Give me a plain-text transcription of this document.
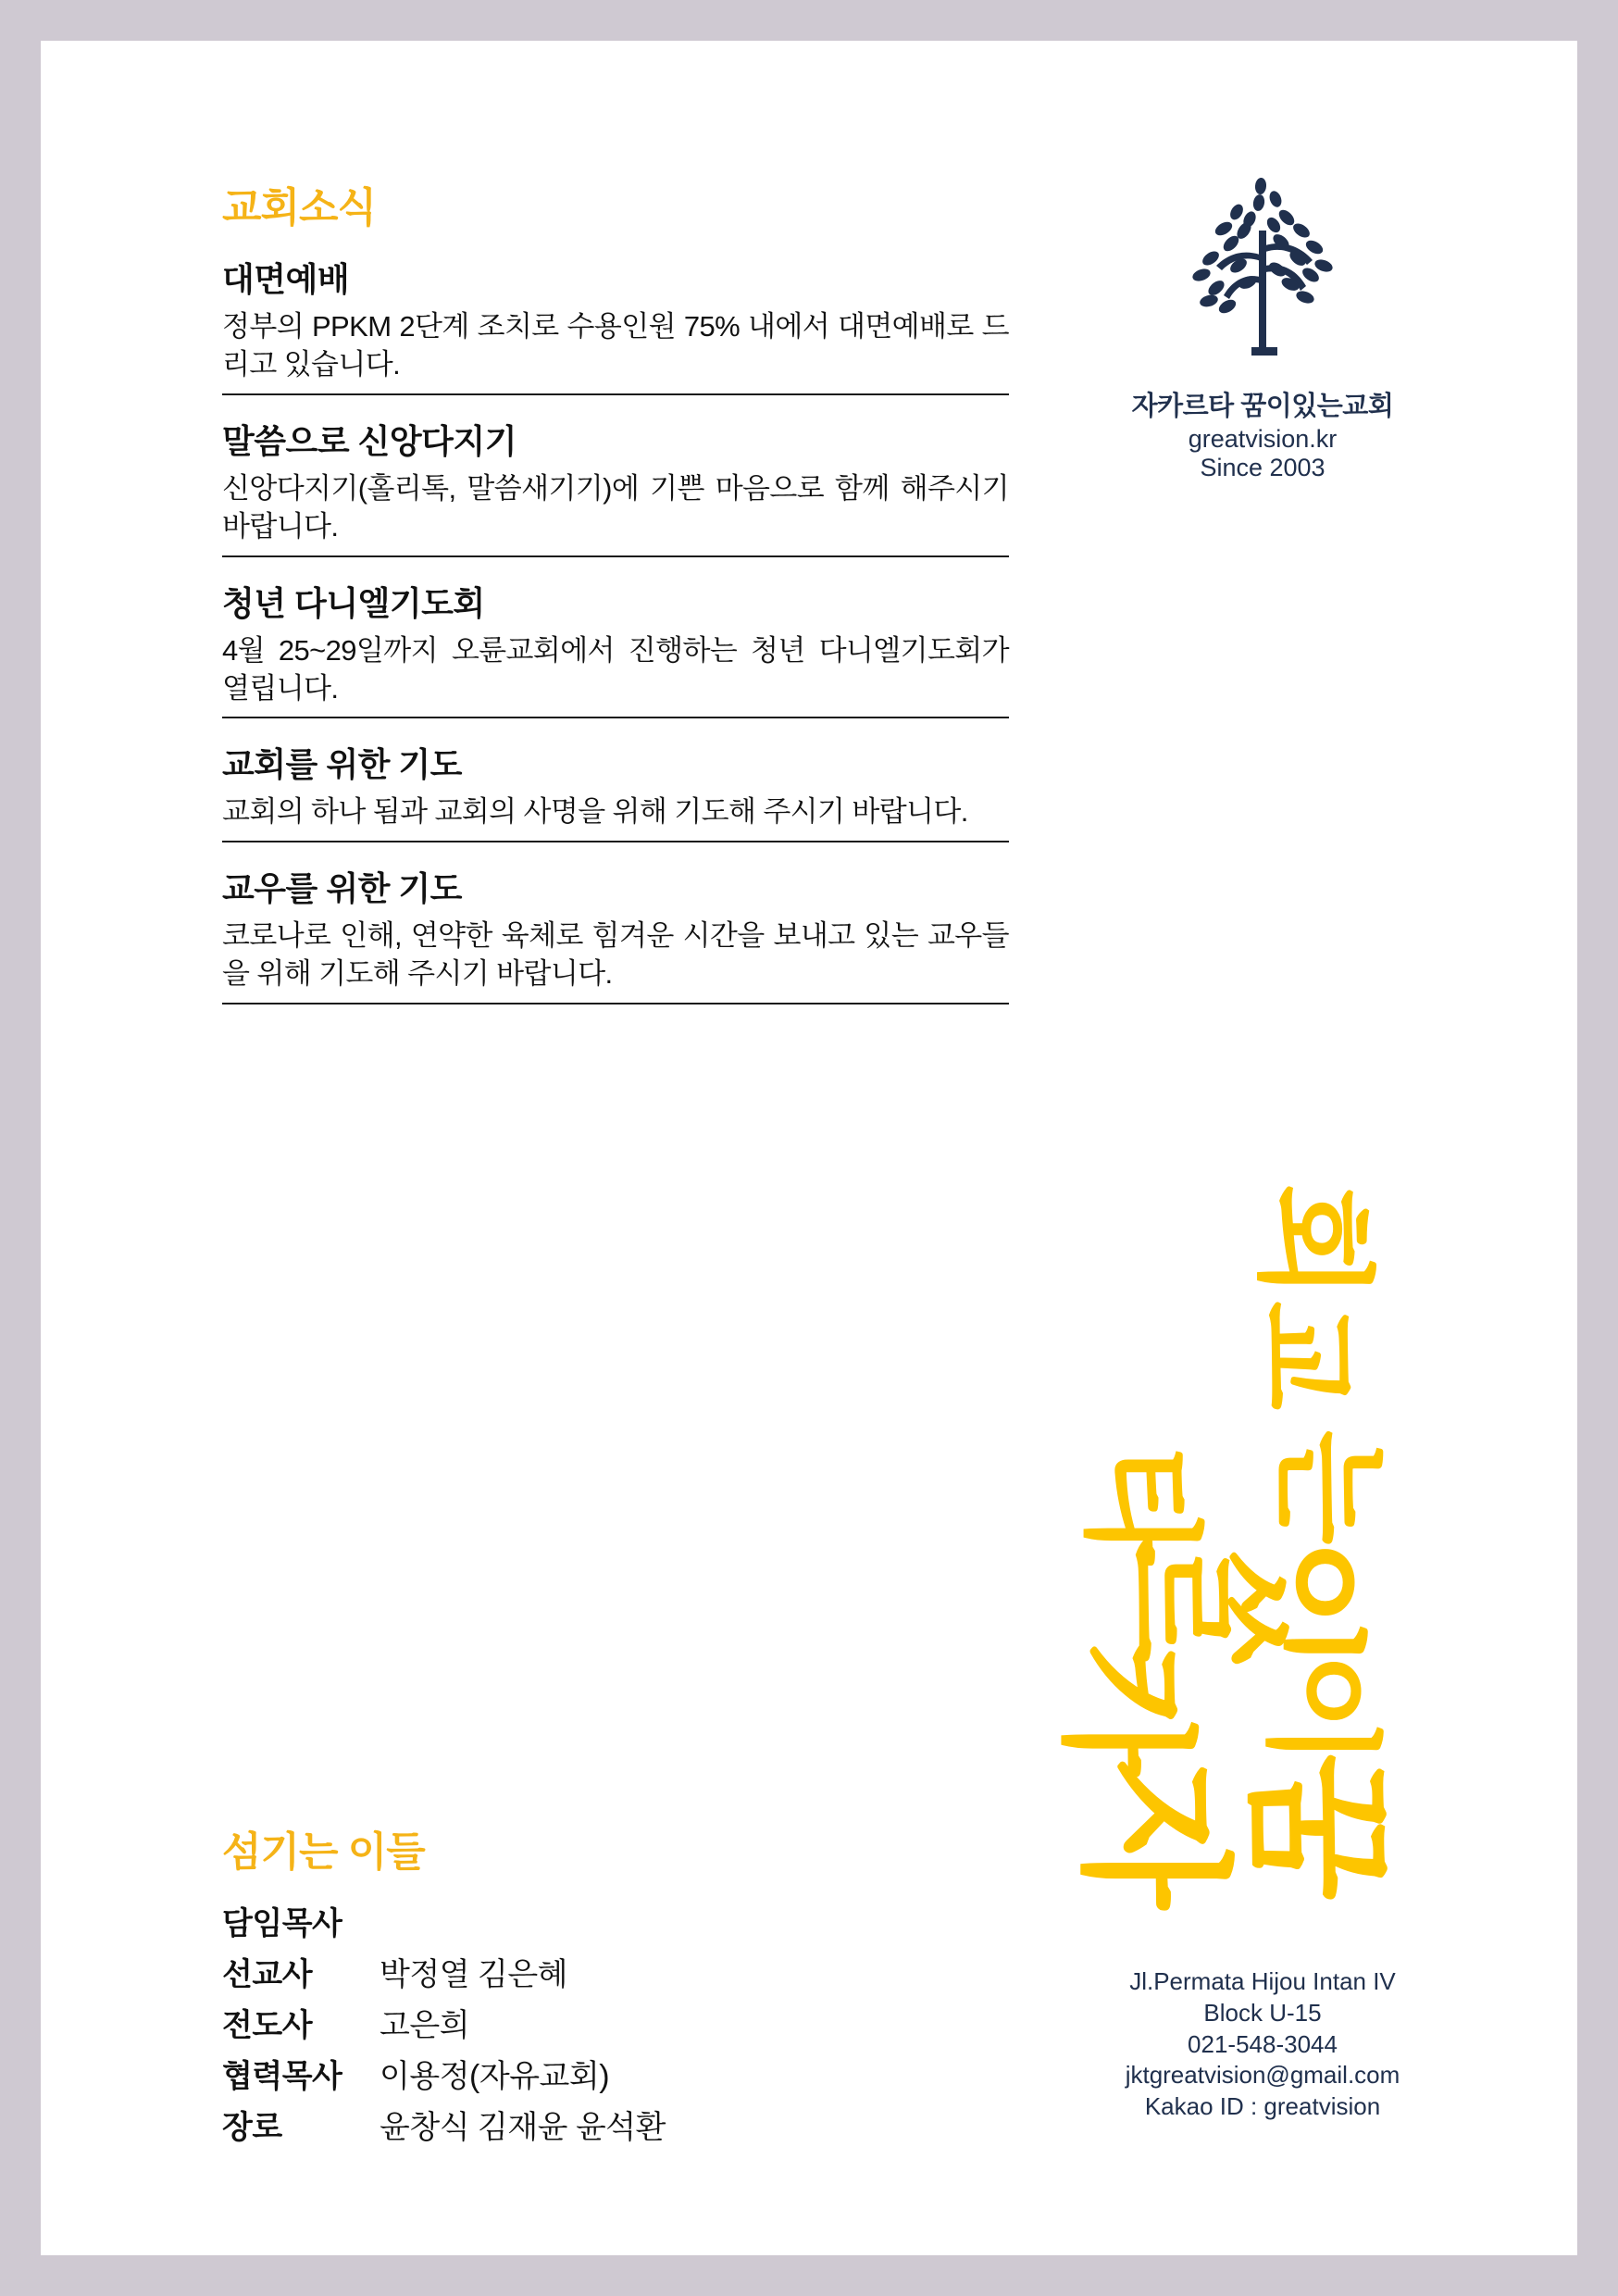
교회소식
대면예배
정부의 PPKM 2단계 조치로 수용인원 75% 내에서 대면예배로 드리고 있습니다.
말씀으로 신앙다지기
신앙다지기(홀리톡, 말씀새기기)에 기쁜 마음으로 함께 해주시기 바랍니다.
청년 다니엘기도회
4월 25~29일까지 오륜교회에서 진행하는 청년 다니엘기도회가 열립니다.
교회를 위한 기도
교회의 하나 됨과 교회의 사명을 위해 기도해 주시기 바랍니다.
교우를 위한 기도
코로나로 인해, 연약한 육체로 힘겨운 시간을 보내고 있는 교우들을 위해 기도해 주시기 바랍니다.
자카르타 꿈이있는교회
greatvision.kr
Since 2003
자
카
르
타
꿈
이
있
는
교
회
Jl.Permata Hijou Intan IV
Block U-15
021-548-3044
jktgreatvision@gmail.com
Kakao ID : greatvision
섬기는 이들
담임목사
선교사	박정열 김은혜
전도사	고은희
협력목사	이용정(자유교회)
장로	윤창식 김재윤 윤석환
